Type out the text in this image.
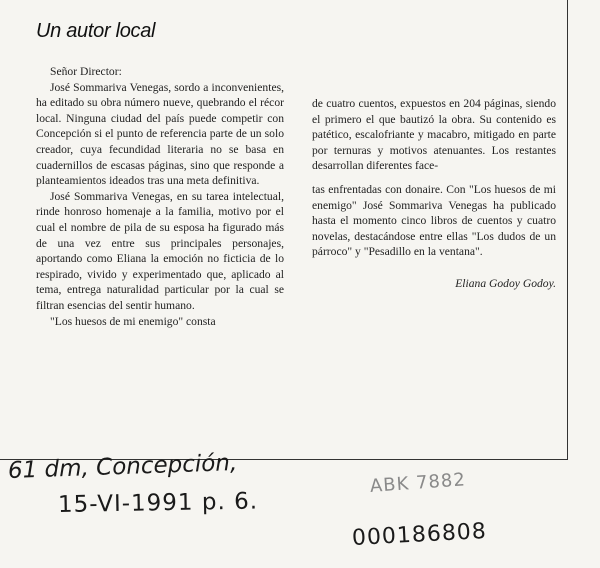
Un autor local

Señor Director:

José Sommariva Venegas, sordo a inconvenientes, ha editado su obra número nueve, quebrando el récor local. Ninguna ciudad del país puede competir con Concepción si el punto de referencia parte de un solo creador, cuya fecundidad literaria no se basa en cuadernillos de escasas páginas, sino que responde a planteamientos ideados tras una meta definitiva.

José Sommariva Venegas, en su tarea intelectual, rinde honroso homenaje a la familia, motivo por el cual el nombre de pila de su esposa ha figurado más de una vez entre sus principales personajes, aportando como Eliana la emoción no ficticia de lo respirado, vivido y experimentado que, aplicado al tema, entrega naturalidad particular por la cual se filtran esencias del sentir humano.

"Los huesos de mi enemigo" consta

de cuatro cuentos, expuestos en 204 páginas, siendo el primero el que bautizó la obra. Su contenido es patético, escalofriante y macabro, mitigado en parte por ternuras y motivos atenuantes. Los restantes desarrollan diferentes face-

tas enfrentadas con donaire. Con "Los huesos de mi enemigo" José Sommariva Venegas ha publicado hasta el momento cinco libros de cuentos y cuatro novelas, destacándose entre ellas "Los dudos de un párroco" y "Pesadillo en la ventana".

Eliana Godoy Godoy.

61 dm, Concepción,
15-VI-1991 p. 6.
ABK 7882
000186808
